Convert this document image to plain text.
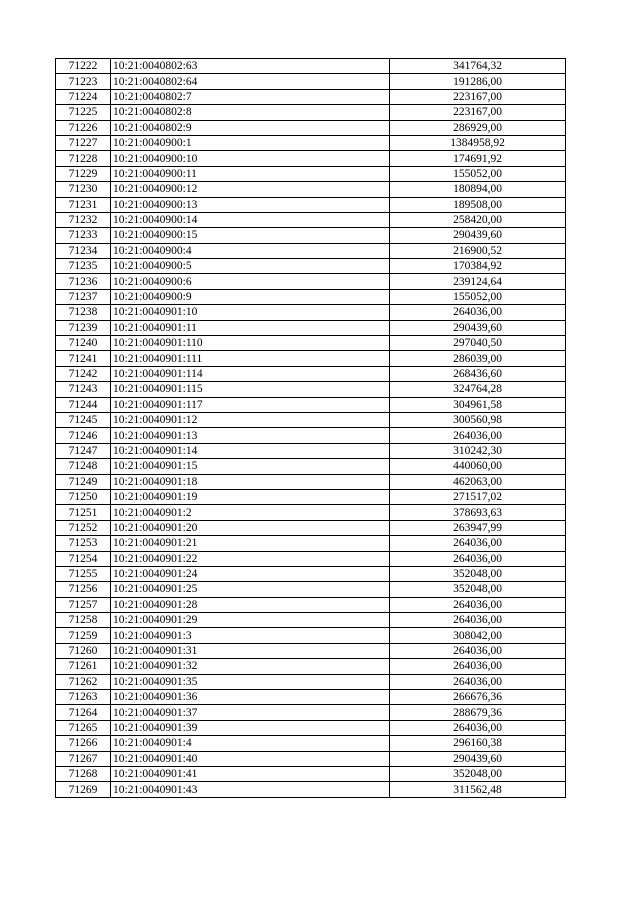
71222	10:21:0040802:63	341764,32
71223	10:21:0040802:64	191286,00
71224	10:21:0040802:7	223167,00
71225	10:21:0040802:8	223167,00
71226	10:21:0040802:9	286929,00
71227	10:21:0040900:1	1384958,92
71228	10:21:0040900:10	174691,92
71229	10:21:0040900:11	155052,00
71230	10:21:0040900:12	180894,00
71231	10:21:0040900:13	189508,00
71232	10:21:0040900:14	258420,00
71233	10:21:0040900:15	290439,60
71234	10:21:0040900:4	216900,52
71235	10:21:0040900:5	170384,92
71236	10:21:0040900:6	239124,64
71237	10:21:0040900:9	155052,00
71238	10:21:0040901:10	264036,00
71239	10:21:0040901:11	290439,60
71240	10:21:0040901:110	297040,50
71241	10:21:0040901:111	286039,00
71242	10:21:0040901:114	268436,60
71243	10:21:0040901:115	324764,28
71244	10:21:0040901:117	304961,58
71245	10:21:0040901:12	300560,98
71246	10:21:0040901:13	264036,00
71247	10:21:0040901:14	310242,30
71248	10:21:0040901:15	440060,00
71249	10:21:0040901:18	462063,00
71250	10:21:0040901:19	271517,02
71251	10:21:0040901:2	378693,63
71252	10:21:0040901:20	263947,99
71253	10:21:0040901:21	264036,00
71254	10:21:0040901:22	264036,00
71255	10:21:0040901:24	352048,00
71256	10:21:0040901:25	352048,00
71257	10:21:0040901:28	264036,00
71258	10:21:0040901:29	264036,00
71259	10:21:0040901:3	308042,00
71260	10:21:0040901:31	264036,00
71261	10:21:0040901:32	264036,00
71262	10:21:0040901:35	264036,00
71263	10:21:0040901:36	266676,36
71264	10:21:0040901:37	288679,36
71265	10:21:0040901:39	264036,00
71266	10:21:0040901:4	296160,38
71267	10:21:0040901:40	290439,60
71268	10:21:0040901:41	352048,00
71269	10:21:0040901:43	311562,48
